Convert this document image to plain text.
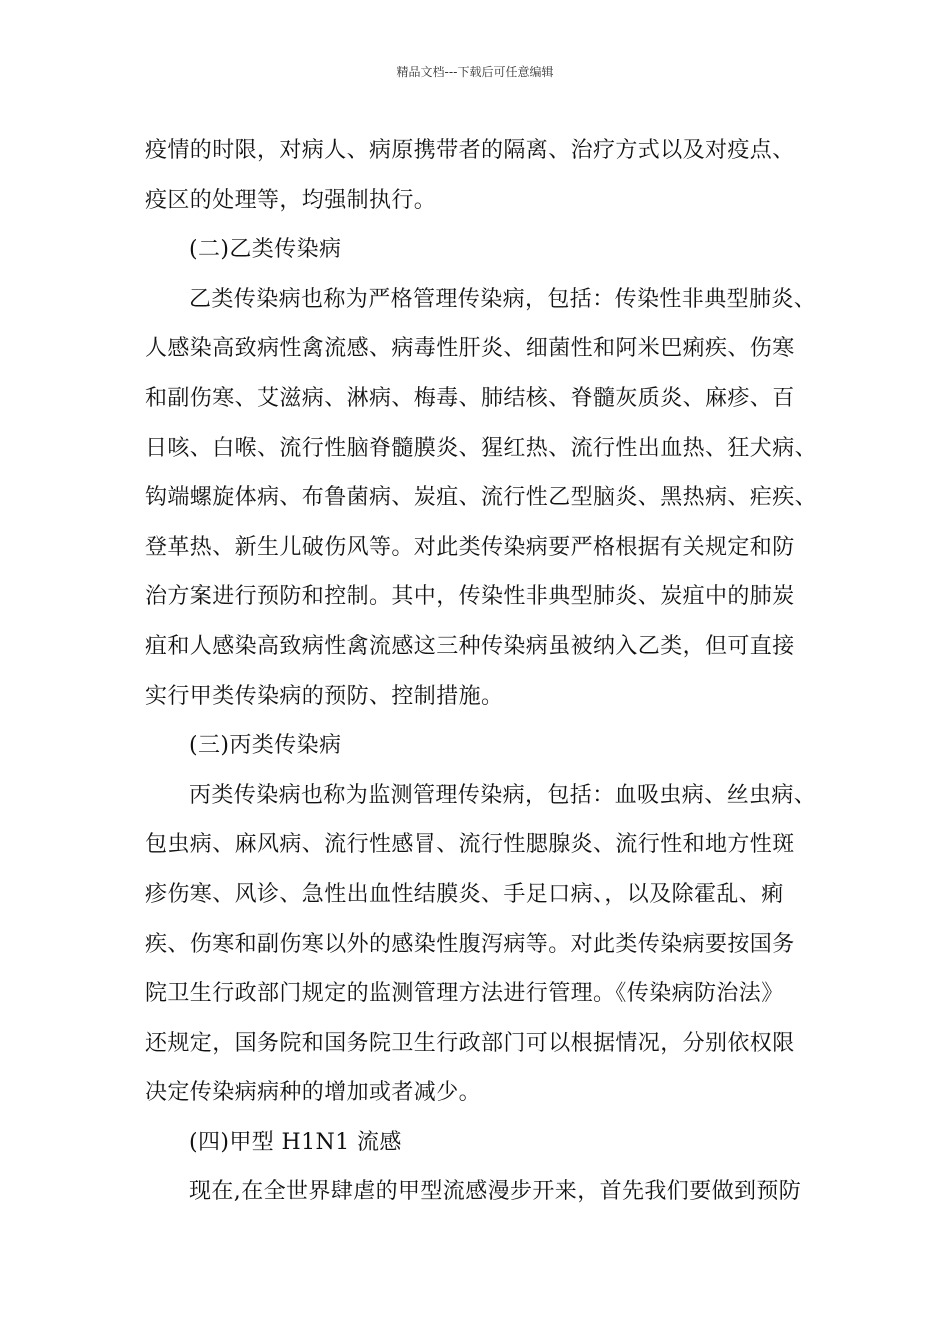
精品文档---下载后可任意编辑
疫情的时限，对病人、病原携带者的隔离、治疗方式以及对疫点、
疫区的处理等，均强制执行。
(二)乙类传染病
乙类传染病也称为严格管理传染病，包括：传染性非典型肺炎、
人感染高致病性禽流感、病毒性肝炎、细菌性和阿米巴痢疾、伤寒
和副伤寒、艾滋病、淋病、梅毒、肺结核、脊髓灰质炎、麻疹、百
日咳、白喉、流行性脑脊髓膜炎、猩红热、流行性出血热、狂犬病、
钩端螺旋体病、布鲁菌病、炭疽、流行性乙型脑炎、黑热病、疟疾、
登革热、新生儿破伤风等。对此类传染病要严格根据有关规定和防
治方案进行预防和控制。其中，传染性非典型肺炎、炭疽中的肺炭
疽和人感染高致病性禽流感这三种传染病虽被纳入乙类，但可直接
实行甲类传染病的预防、控制措施。
(三)丙类传染病
丙类传染病也称为监测管理传染病，包括：血吸虫病、丝虫病、
包虫病、麻风病、流行性感冒、流行性腮腺炎、流行性和地方性斑
疹伤寒、风诊、急性出血性结膜炎、手足口病、，以及除霍乱、痢
疾、伤寒和副伤寒以外的感染性腹泻病等。对此类传染病要按国务
院卫生行政部门规定的监测管理方法进行管理。《传染病防治法》
还规定，国务院和国务院卫生行政部门可以根据情况，分别依权限
决定传染病病种的增加或者减少。
(四)甲型 H1N1 流感
现在,在全世界肆虐的甲型流感漫步开来，首先我们要做到预防
